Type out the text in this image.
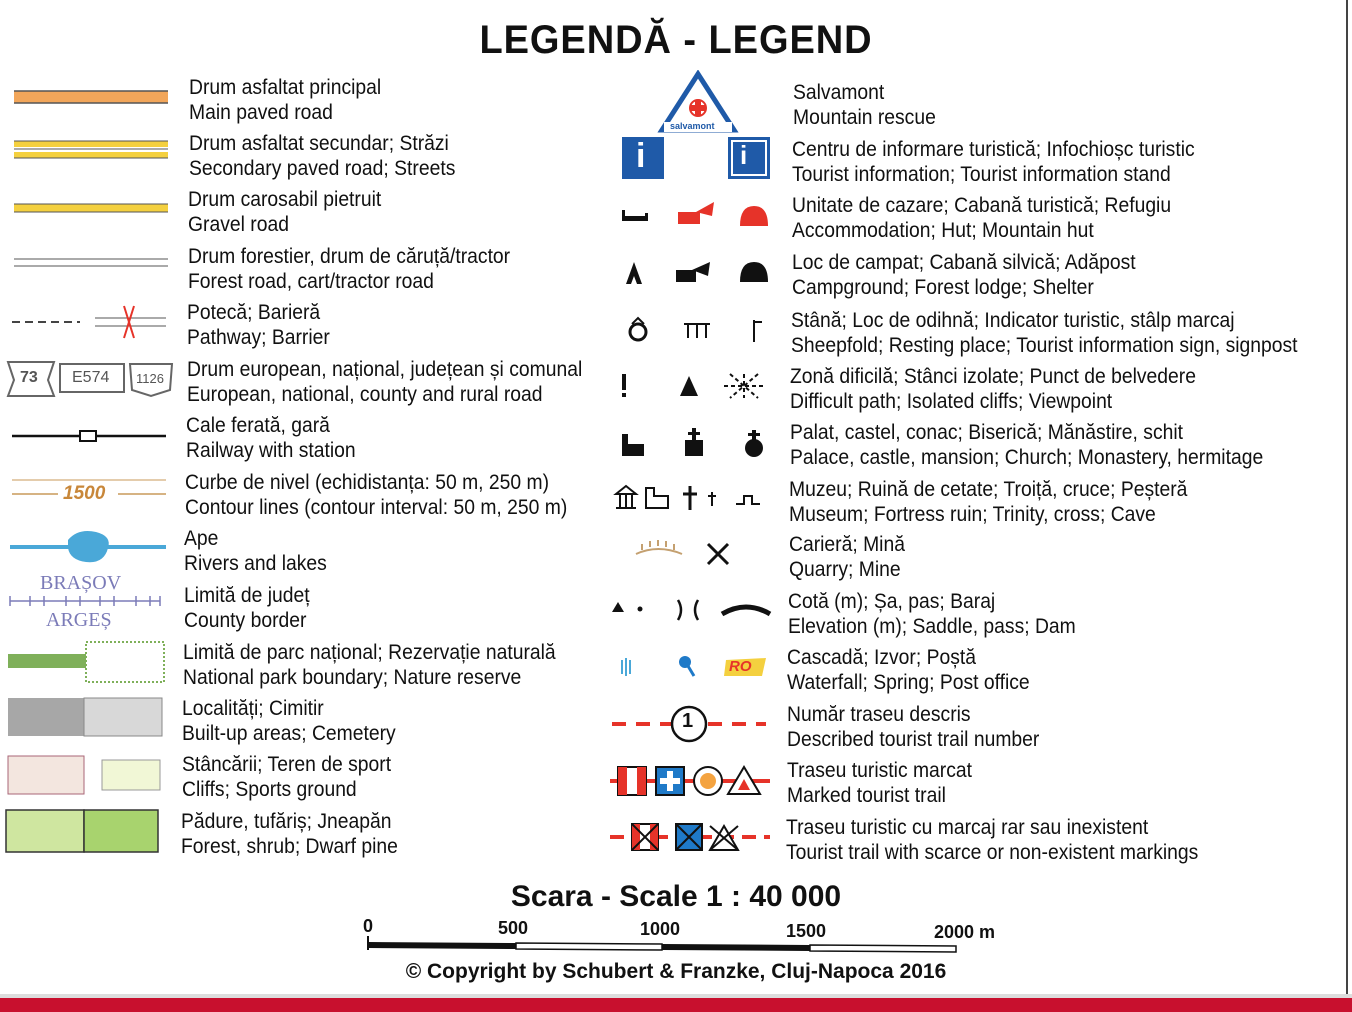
LEGENDĂ - LEGEND
73 E574 1126
1500
BRAȘOV
ARGEȘ
Drum asfaltat principal
Main paved road
Drum asfaltat secundar; Străzi
Secondary paved road; Streets
Drum carosabil pietruit
Gravel road
Drum forestier, drum de căruță/tractor
Forest road, cart/tractor road
Potecă; Barieră
Pathway; Barrier
Drum european, național, județean și comunal
European, national, county and rural road
Cale ferată, gară
Railway with station
Curbe de nivel (echidistanța: 50 m, 250 m)
Contour lines (contour interval: 50 m, 250 m)
Ape
Rivers and lakes
Limită de județ
County border
Limită de parc național; Rezervație naturală
National park boundary; Nature reserve
Localități; Cimitir
Built-up areas; Cemetery
Stâncării; Teren de sport
Cliffs; Sports ground
Pădure, tufăriș; Jneapăn
Forest, shrub; Dwarf pine
salvamont
i	i
1
RO
Salvamont
Mountain rescue
Centru de informare turistică; Infochioșc turistic
Tourist information; Tourist information stand
Unitate de cazare; Cabană turistică; Refugiu
Accommodation; Hut; Mountain hut
Loc de campat; Cabană silvică; Adăpost
Campground; Forest lodge; Shelter
Stână; Loc de odihnă; Indicator turistic, stâlp marcaj
Sheepfold; Resting place; Tourist information sign, signpost
Zonă dificilă; Stânci izolate; Punct de belvedere
Difficult path; Isolated cliffs; Viewpoint
Palat, castel, conac; Biserică; Mănăstire, schit
Palace, castle, mansion; Church; Monastery, hermitage
Muzeu; Ruină de cetate; Troiță, cruce; Peșteră
Museum; Fortress ruin; Trinity, cross; Cave
Carieră; Mină
Quarry; Mine
Cotă (m); Șa, pas; Baraj
Elevation (m); Saddle, pass; Dam
Cascadă; Izvor; Poștă
Waterfall; Spring; Post office
Număr traseu descris
Described tourist trail number
Traseu turistic marcat
Marked tourist trail
Traseu turistic cu marcaj rar sau inexistent
Tourist trail with scarce or non-existent markings
Scara - Scale 1 : 40 000
0	500	1000	1500	2000 m
© Copyright by Schubert & Franzke, Cluj-Napoca 2016
